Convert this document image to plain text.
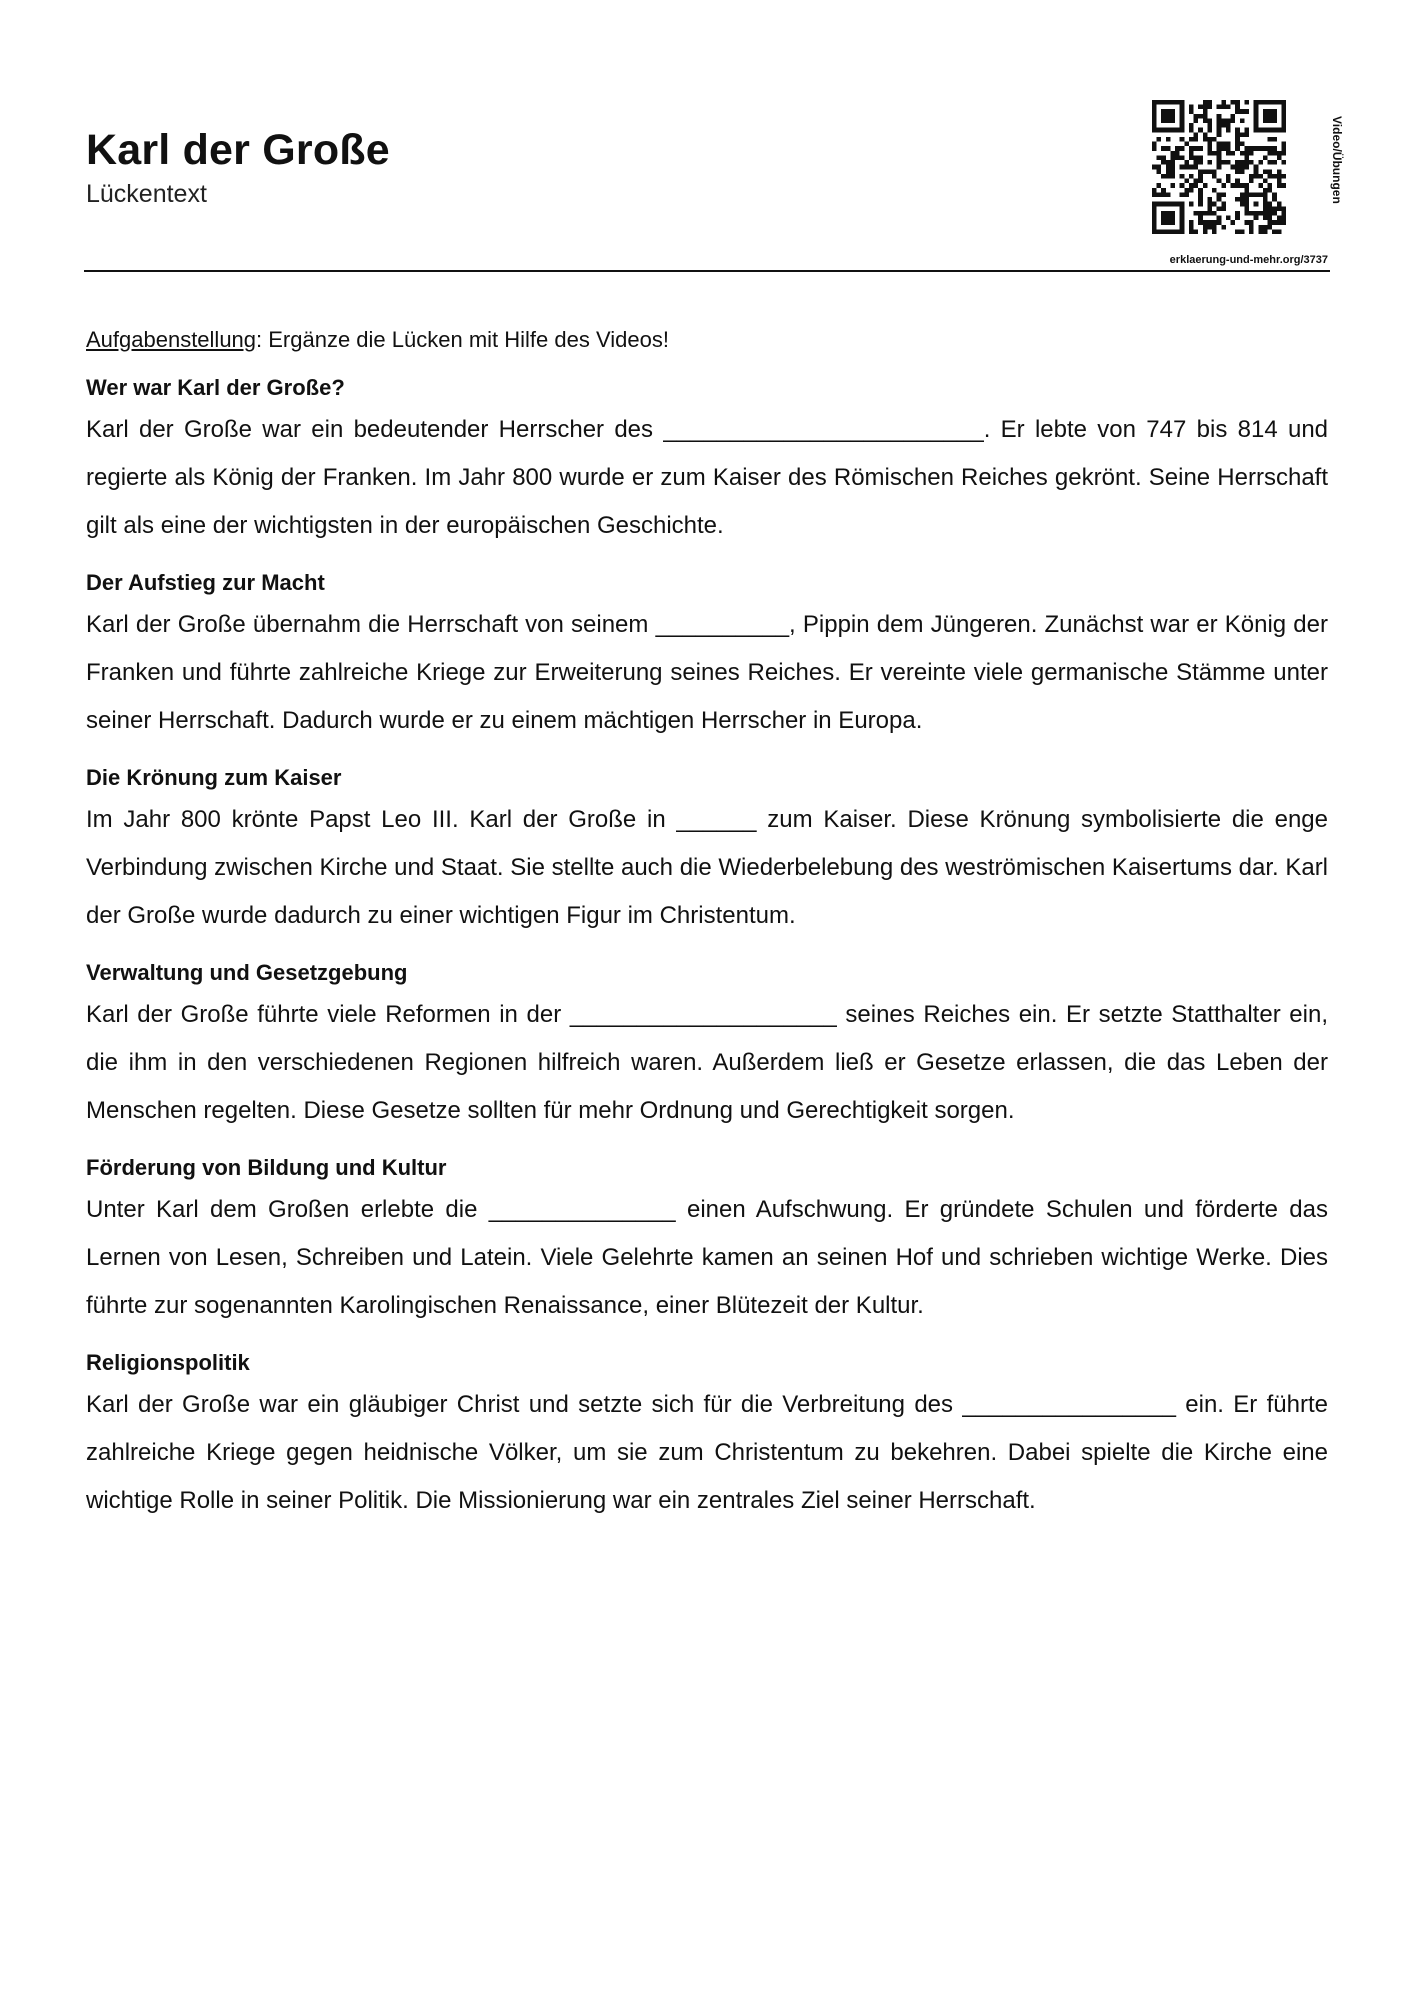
Karl der Große
Lückentext	Video/Übungen
erklaerung-und-mehr.org/3737

Aufgabenstellung: Ergänze die Lücken mit Hilfe des Videos!

Wer war Karl der Große?

Karl der Große war ein bedeutender Herrscher des ________________________. Er lebte von 747 bis 814 und regierte als König der Franken. Im Jahr 800 wurde er zum Kaiser des Römischen Reiches gekrönt. Seine Herrschaft gilt als eine der wichtigsten in der europäischen Geschichte.

Der Aufstieg zur Macht

Karl der Große übernahm die Herrschaft von seinem __________, Pippin dem Jüngeren. Zunächst war er König der Franken und führte zahlreiche Kriege zur Erweiterung seines Reiches. Er vereinte viele germanische Stämme unter seiner Herrschaft. Dadurch wurde er zu einem mächtigen Herrscher in Europa.

Die Krönung zum Kaiser

Im Jahr 800 krönte Papst Leo III. Karl der Große in ______ zum Kaiser. Diese Krönung symbolisierte die enge Verbindung zwischen Kirche und Staat. Sie stellte auch die Wiederbelebung des weströmischen Kaisertums dar. Karl der Große wurde dadurch zu einer wichtigen Figur im Christentum.

Verwaltung und Gesetzgebung

Karl der Große führte viele Reformen in der ____________________ seines Reiches ein. Er setzte Statthalter ein, die ihm in den verschiedenen Regionen hilfreich waren. Außerdem ließ er Gesetze erlassen, die das Leben der Menschen regelten. Diese Gesetze sollten für mehr Ordnung und Gerechtigkeit sorgen.

Förderung von Bildung und Kultur

Unter Karl dem Großen erlebte die ______________ einen Aufschwung. Er gründete Schulen und förderte das Lernen von Lesen, Schreiben und Latein. Viele Gelehrte kamen an seinen Hof und schrieben wichtige Werke. Dies führte zur sogenannten Karolingischen Renaissance, einer Blütezeit der Kultur.

Religionspolitik

Karl der Große war ein gläubiger Christ und setzte sich für die Verbreitung des ________________ ein. Er führte zahlreiche Kriege gegen heidnische Völker, um sie zum Christentum zu bekehren. Dabei spielte die Kirche eine wichtige Rolle in seiner Politik. Die Missionierung war ein zentrales Ziel seiner Herrschaft.
